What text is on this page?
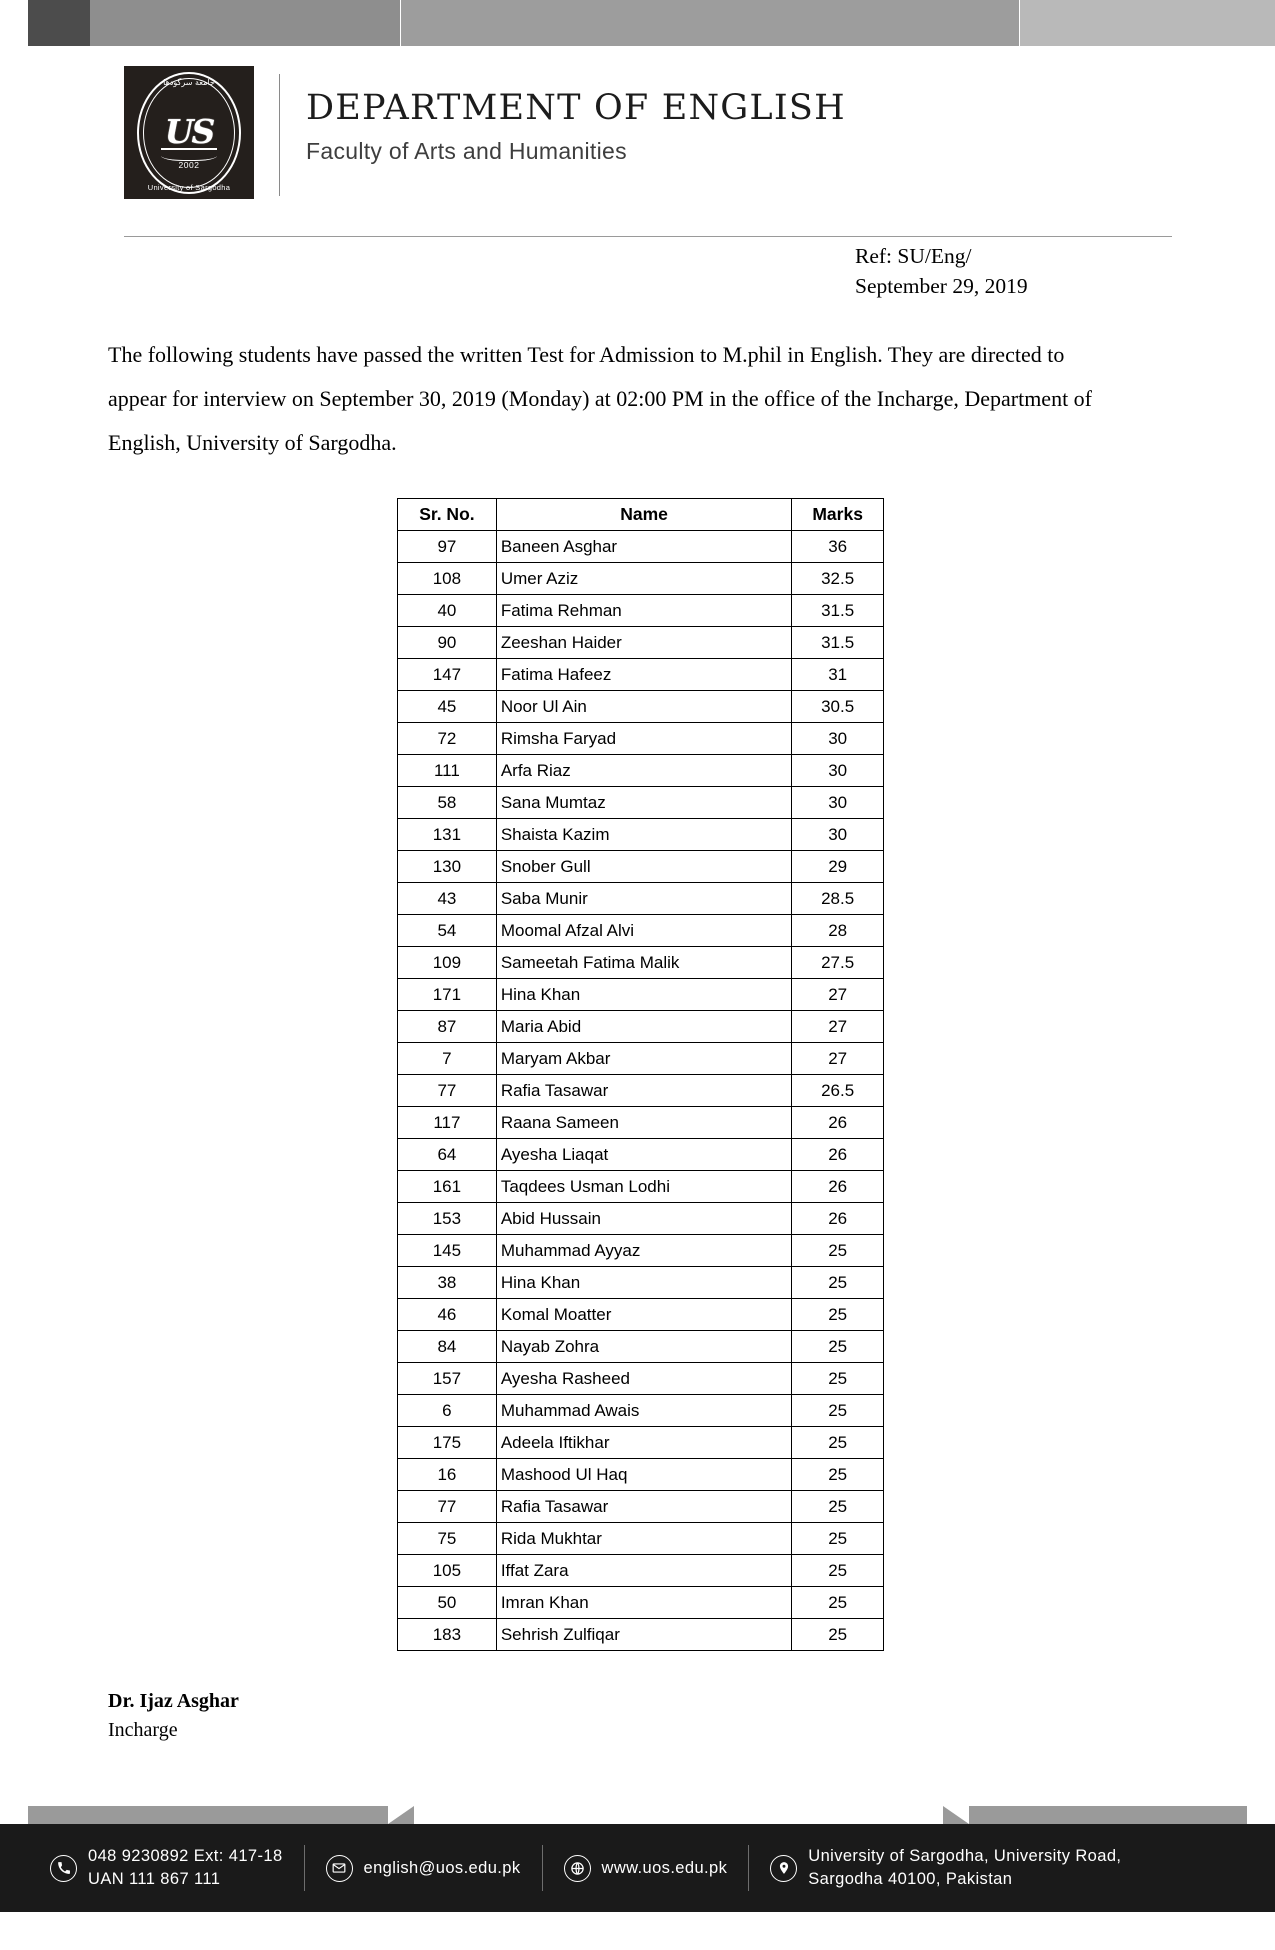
جامعة سرگودها
US
2002
University of Sargodha
DEPARTMENT OF ENGLISH
Faculty of Arts and Humanities
Ref: SU/Eng/
September 29, 2019
The following students have passed the written Test for Admission to M.phil in English. They are directed to appear for interview on September 30, 2019 (Monday) at 02:00 PM in the office of the Incharge, Department of English, University of Sargodha.
Sr. No.	Name	Marks
97	Baneen Asghar	36
108	Umer Aziz	32.5
40	Fatima Rehman	31.5
90	Zeeshan Haider	31.5
147	Fatima Hafeez	31
45	Noor Ul Ain	30.5
72	Rimsha Faryad	30
111	Arfa Riaz	30
58	Sana Mumtaz	30
131	Shaista Kazim	30
130	Snober Gull	29
43	Saba Munir	28.5
54	Moomal Afzal Alvi	28
109	Sameetah Fatima Malik	27.5
171	Hina Khan	27
87	Maria Abid	27
7	Maryam Akbar	27
77	Rafia Tasawar	26.5
117	Raana Sameen	26
64	Ayesha Liaqat	26
161	Taqdees Usman Lodhi	26
153	Abid Hussain	26
145	Muhammad Ayyaz	25
38	Hina Khan	25
46	Komal Moatter	25
84	Nayab Zohra	25
157	Ayesha Rasheed	25
6	Muhammad Awais	25
175	Adeela Iftikhar	25
16	Mashood Ul Haq	25
77	Rafia Tasawar	25
75	Rida Mukhtar	25
105	Iffat Zara	25
50	Imran Khan	25
183	Sehrish Zulfiqar	25
Dr. Ijaz Asghar
Incharge
048 9230892 Ext: 417-18
UAN 111 867 111
english@uos.edu.pk	www.uos.edu.pk
University of Sargodha, University Road,
Sargodha 40100, Pakistan
